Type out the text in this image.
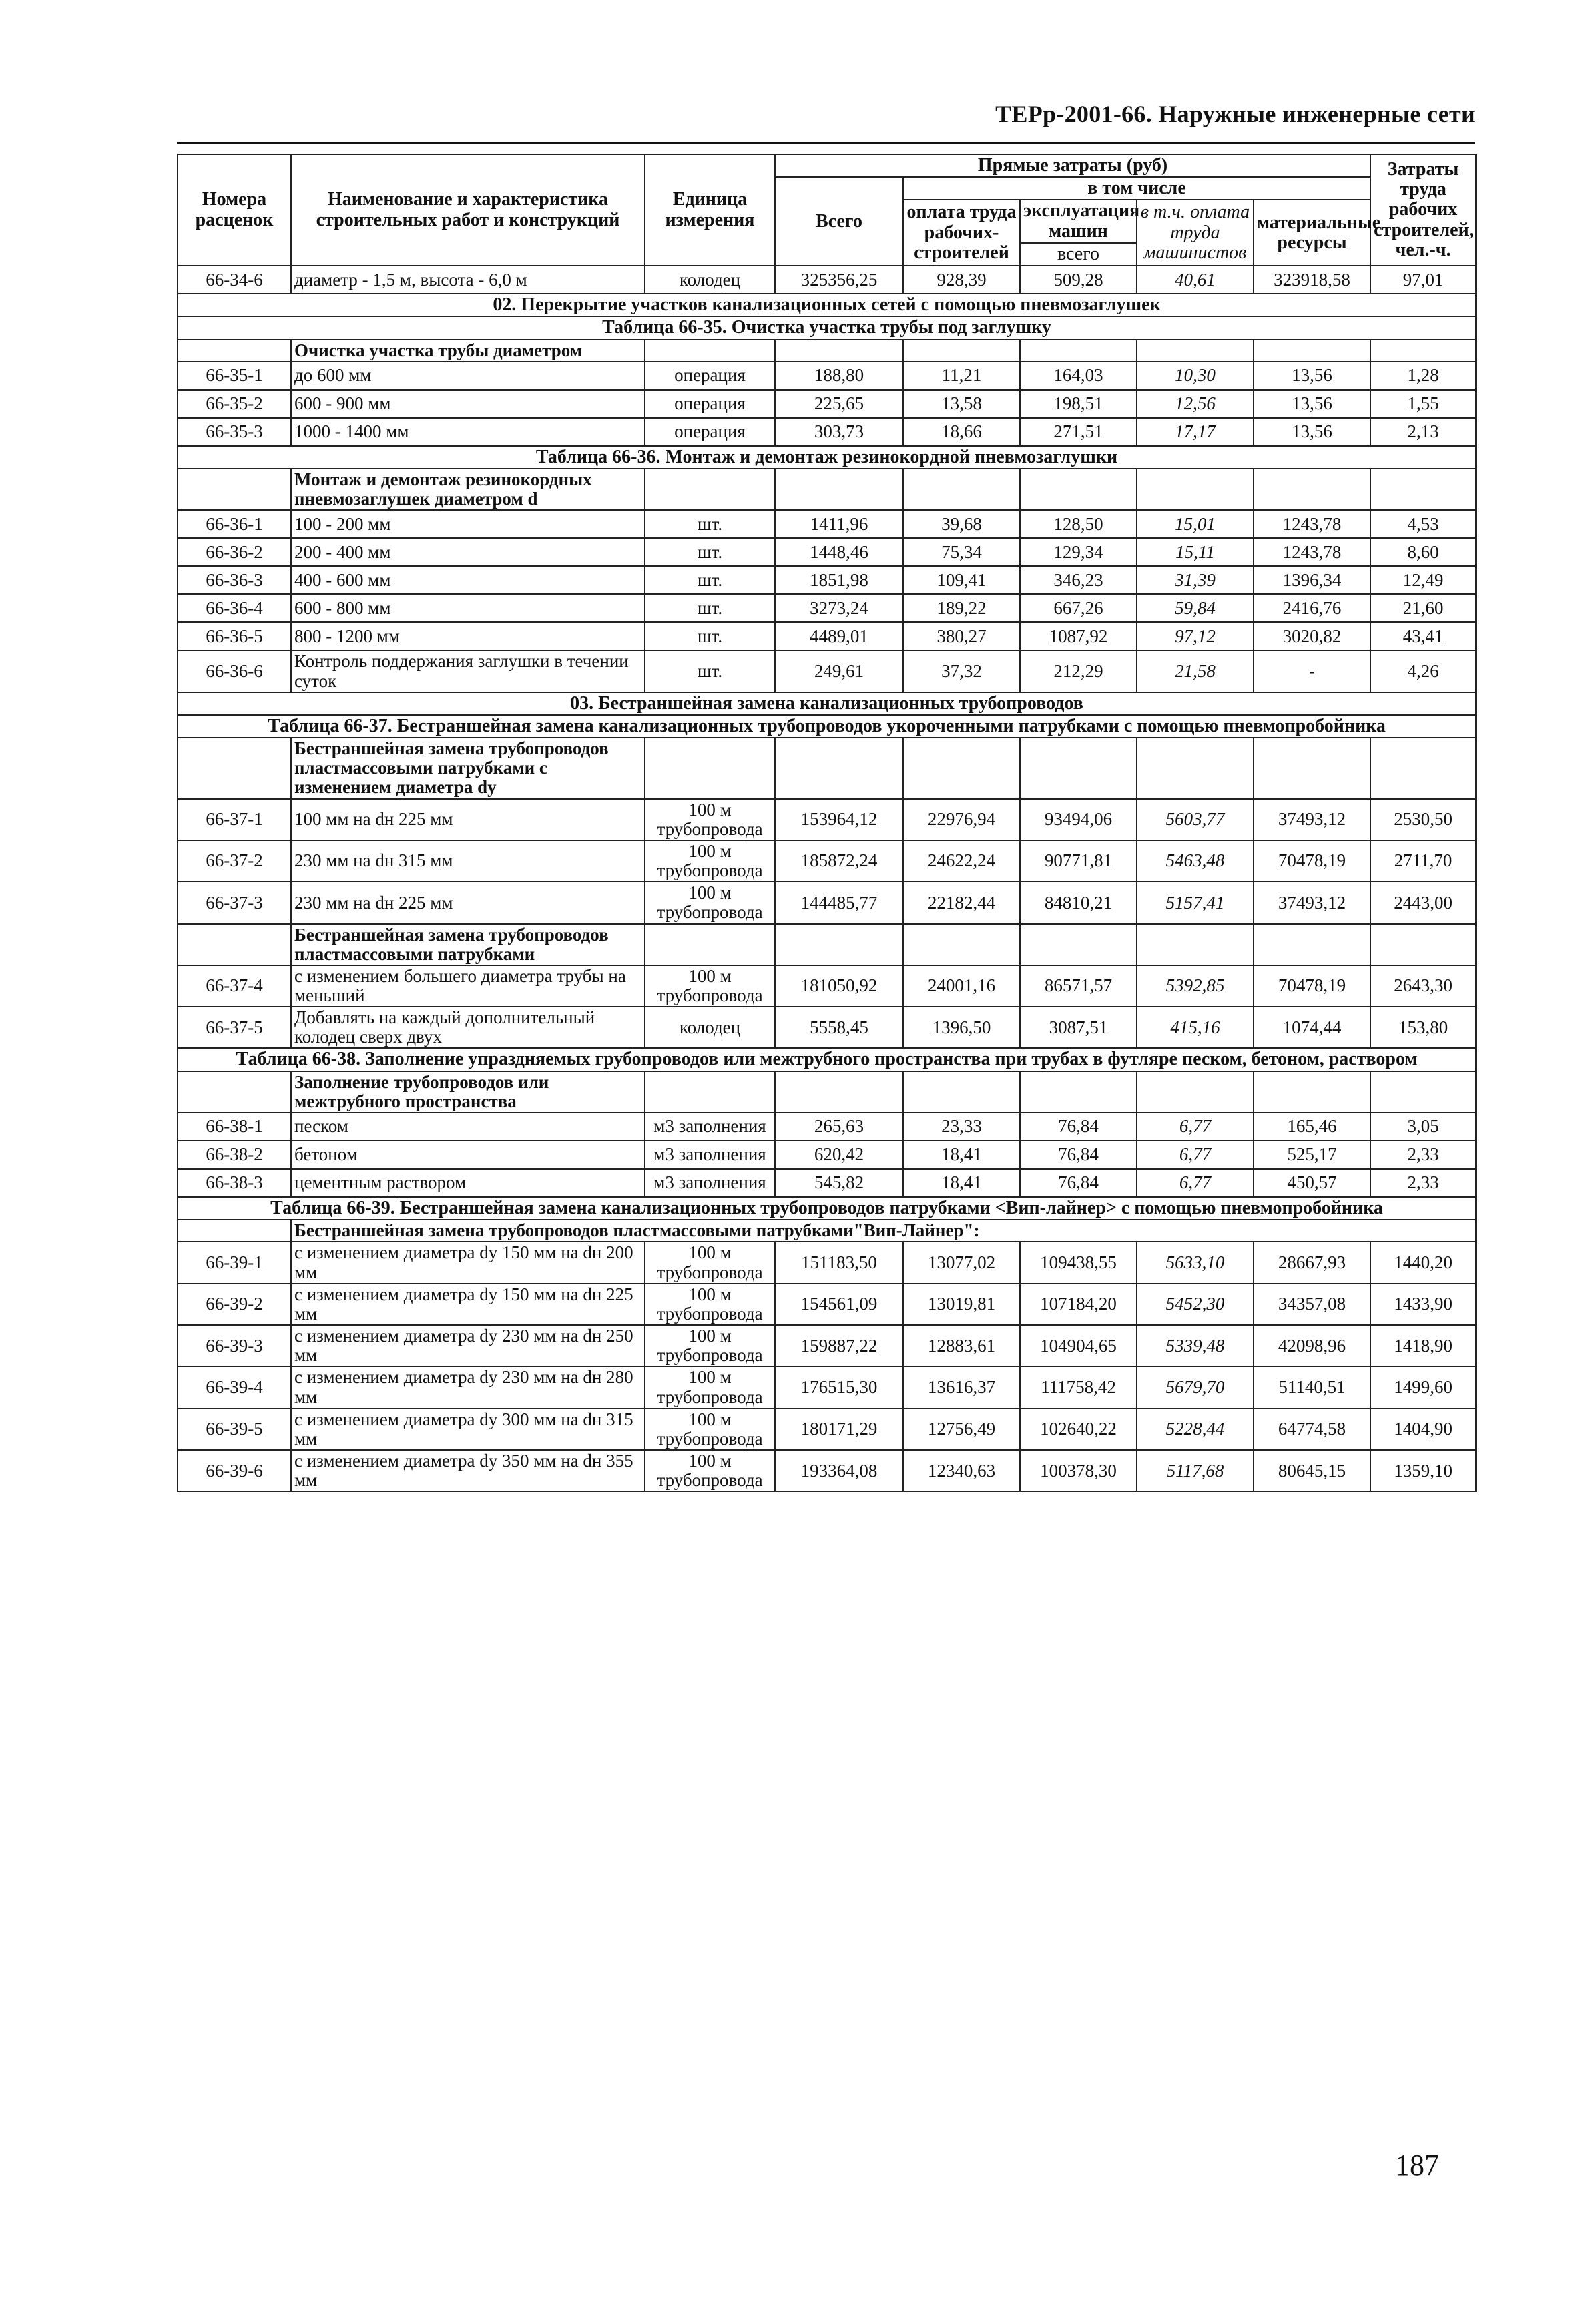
ТЕРр-2001-66. Наружные инженерные сети
Номера расценок	Наименование и характеристика строительных работ и конструкций	Единица измерения	Прямые затраты (руб)					Затраты труда рабочих строителей, чел.-ч.
			Всего	в том числе				
				оплата труда рабочих-строителей	эксплуатация машин	в т.ч. оплата труда машинистов	материальные ресурсы	
					всего			
66-34-6	диаметр - 1,5 м, высота - 6,0 м	колодец	325356,25	928,39	509,28	40,61	323918,58	97,01
02. Перекрытие участков канализационных сетей с помощью пневмозаглушек								
Таблица 66-35. Очистка участка трубы под заглушку								
	Очистка участка трубы диаметром							
66-35-1	до 600 мм	операция	188,80	11,21	164,03	10,30	13,56	1,28
66-35-2	600 - 900 мм	операция	225,65	13,58	198,51	12,56	13,56	1,55
66-35-3	1000 - 1400 мм	операция	303,73	18,66	271,51	17,17	13,56	2,13
Таблица 66-36. Монтаж и демонтаж резинокордной пневмозаглушки								
	Монтаж и демонтаж резинокордных пневмозаглушек диаметром d							
66-36-1	100 - 200 мм	шт.	1411,96	39,68	128,50	15,01	1243,78	4,53
66-36-2	200 - 400 мм	шт.	1448,46	75,34	129,34	15,11	1243,78	8,60
66-36-3	400 - 600 мм	шт.	1851,98	109,41	346,23	31,39	1396,34	12,49
66-36-4	600 - 800 мм	шт.	3273,24	189,22	667,26	59,84	2416,76	21,60
66-36-5	800 - 1200 мм	шт.	4489,01	380,27	1087,92	97,12	3020,82	43,41
66-36-6	Контроль поддержания заглушки в течении суток	шт.	249,61	37,32	212,29	21,58	-	4,26
03. Бестраншейная замена канализационных трубопроводов								
Таблица 66-37. Бестраншейная замена канализационных трубопроводов укороченными патрубками с помощью пневмопробойника								
	Бестраншейная замена трубопроводов пластмассовыми патрубками с изменением диаметра dy							
66-37-1	100 мм на dн 225 мм	100 м трубопровода	153964,12	22976,94	93494,06	5603,77	37493,12	2530,50
66-37-2	230 мм на dн 315 мм	100 м трубопровода	185872,24	24622,24	90771,81	5463,48	70478,19	2711,70
66-37-3	230 мм на dн 225 мм	100 м трубопровода	144485,77	22182,44	84810,21	5157,41	37493,12	2443,00
	Бестраншейная замена трубопроводов пластмассовыми патрубками							
66-37-4	с изменением большего диаметра трубы на меньший	100 м трубопровода	181050,92	24001,16	86571,57	5392,85	70478,19	2643,30
66-37-5	Добавлять на каждый дополнительный колодец сверх двух	колодец	5558,45	1396,50	3087,51	415,16	1074,44	153,80
Таблица 66-38. Заполнение упраздняемых грубопроводов или межтрубного пространства при трубах в футляре песком, бетоном, раствором								
	Заполнение трубопроводов или межтрубного пространства							
66-38-1	песком	м3 заполнения	265,63	23,33	76,84	6,77	165,46	3,05
66-38-2	бетоном	м3 заполнения	620,42	18,41	76,84	6,77	525,17	2,33
66-38-3	цементным раствором	м3 заполнения	545,82	18,41	76,84	6,77	450,57	2,33
Таблица 66-39. Бестраншейная замена канализационных трубопроводов патрубками <Вип-лайнер> с помощью пневмопробойника								
	Бестраншейная замена трубопроводов пластмассовыми патрубками"Вип-Лайнер":							
66-39-1	с изменением диаметра dy 150 мм на dн 200 мм	100 м трубопровода	151183,50	13077,02	109438,55	5633,10	28667,93	1440,20
66-39-2	с изменением диаметра dy 150 мм на dн 225 мм	100 м трубопровода	154561,09	13019,81	107184,20	5452,30	34357,08	1433,90
66-39-3	с изменением диаметра dy 230 мм на dн 250 мм	100 м трубопровода	159887,22	12883,61	104904,65	5339,48	42098,96	1418,90
66-39-4	с изменением диаметра dy 230 мм на dн 280 мм	100 м трубопровода	176515,30	13616,37	111758,42	5679,70	51140,51	1499,60
66-39-5	с изменением диаметра dy 300 мм на dн 315 мм	100 м трубопровода	180171,29	12756,49	102640,22	5228,44	64774,58	1404,90
66-39-6	с изменением диаметра dy 350 мм на dн 355 мм	100 м трубопровода	193364,08	12340,63	100378,30	5117,68	80645,15	1359,10
187
